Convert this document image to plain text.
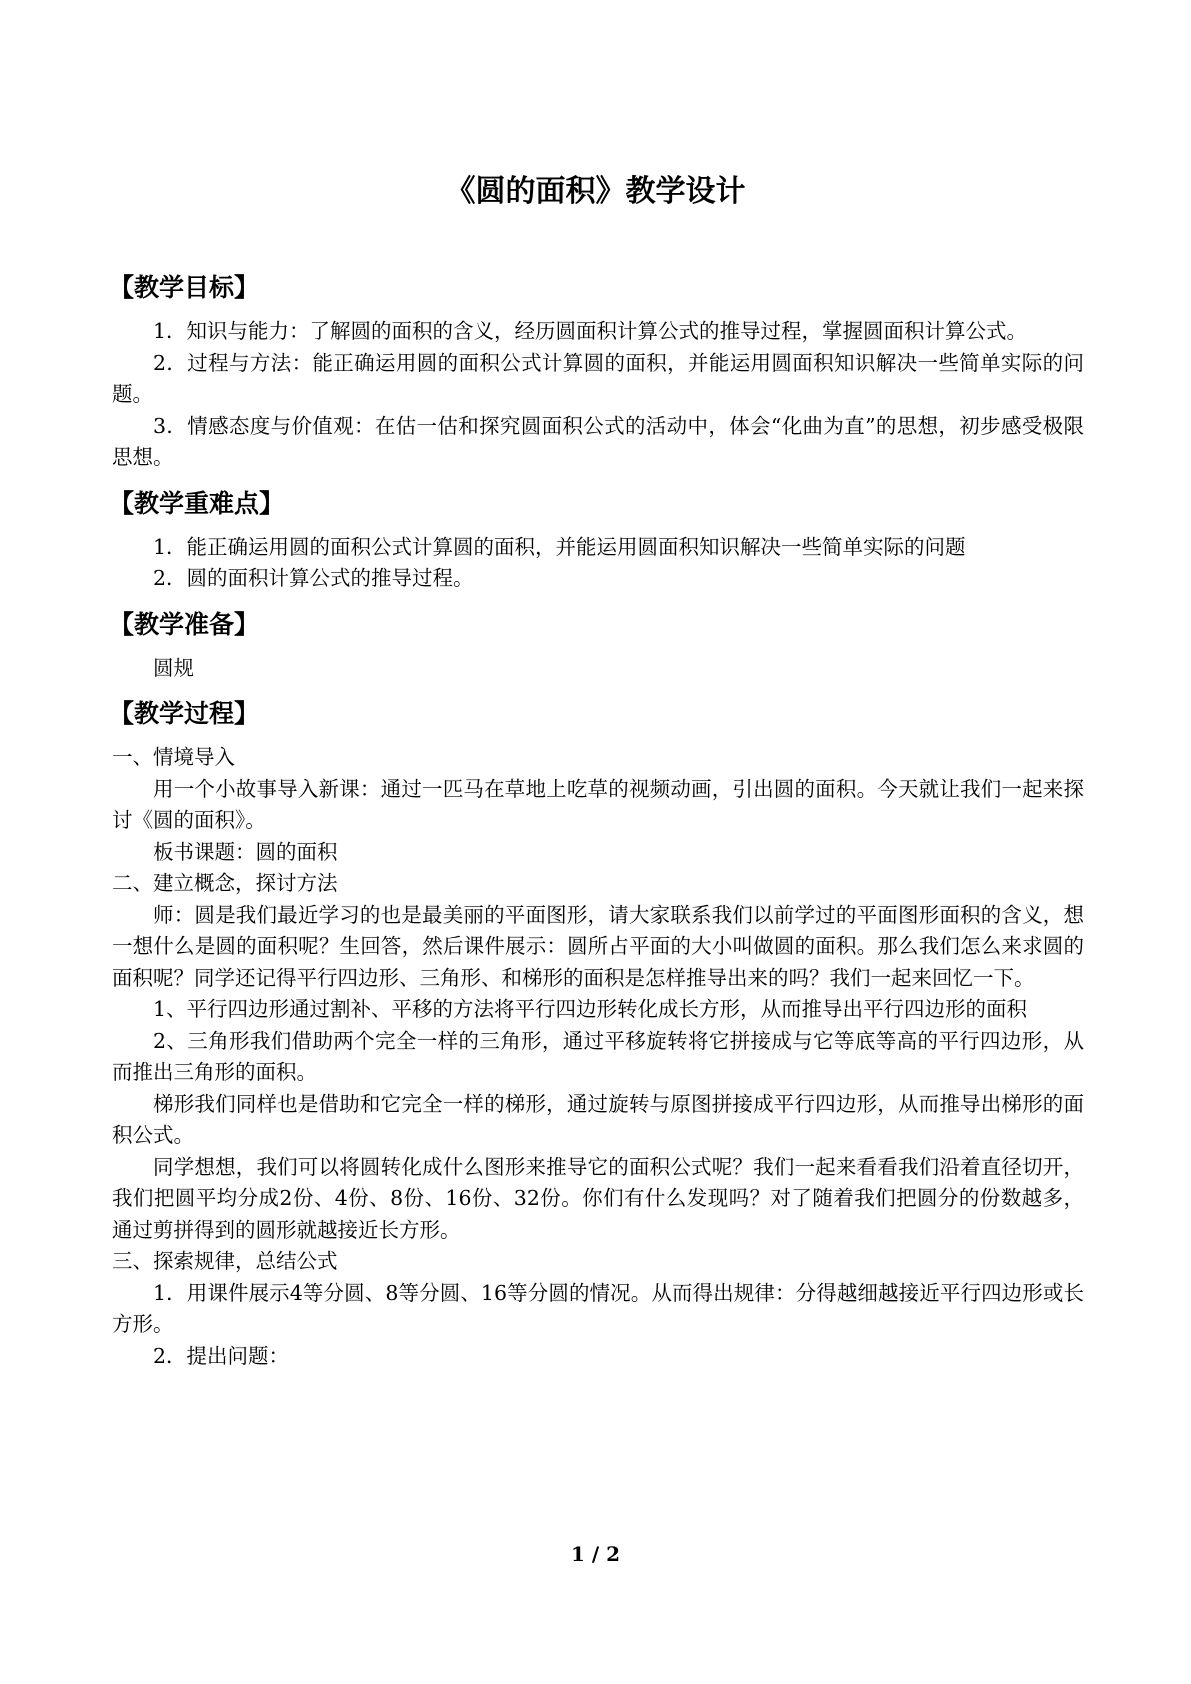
《圆的面积》教学设计
【教学目标】

1．知识与能力：了解圆的面积的含义，经历圆面积计算公式的推导过程，掌握圆面积计算公式。

2．过程与方法：能正确运用圆的面积公式计算圆的面积，并能运用圆面积知识解决一些简单实际的问题。

3．情感态度与价值观：在估一估和探究圆面积公式的活动中，体会“化曲为直”的思想，初步感受极限思想。

【教学重难点】

1．能正确运用圆的面积公式计算圆的面积，并能运用圆面积知识解决一些简单实际的问题

2．圆的面积计算公式的推导过程。

【教学准备】

圆规

【教学过程】

一、情境导入

用一个小故事导入新课：通过一匹马在草地上吃草的视频动画，引出圆的面积。今天就让我们一起来探讨《圆的面积》。

板书课题：圆的面积

二、建立概念，探讨方法

师：圆是我们最近学习的也是最美丽的平面图形，请大家联系我们以前学过的平面图形面积的含义，想一想什么是圆的面积呢？生回答，然后课件展示：圆所占平面的大小叫做圆的面积。那么我们怎么来求圆的面积呢？同学还记得平行四边形、三角形、和梯形的面积是怎样推导出来的吗？我们一起来回忆一下。

1、平行四边形通过割补、平移的方法将平行四边形转化成长方形，从而推导出平行四边形的面积

2、三角形我们借助两个完全一样的三角形，通过平移旋转将它拼接成与它等底等高的平行四边形，从而推出三角形的面积。

梯形我们同样也是借助和它完全一样的梯形，通过旋转与原图拼接成平行四边形，从而推导出梯形的面积公式。

同学想想，我们可以将圆转化成什么图形来推导它的面积公式呢？我们一起来看看我们沿着直径切开，我们把圆平均分成2份、4份、8份、16份、32份。你们有什么发现吗？对了随着我们把圆分的份数越多，通过剪拼得到的圆形就越接近长方形。

三、探索规律，总结公式

1．用课件展示4等分圆、8等分圆、16等分圆的情况。从而得出规律：分得越细越接近平行四边形或长方形。

2．提出问题：

1 / 2
